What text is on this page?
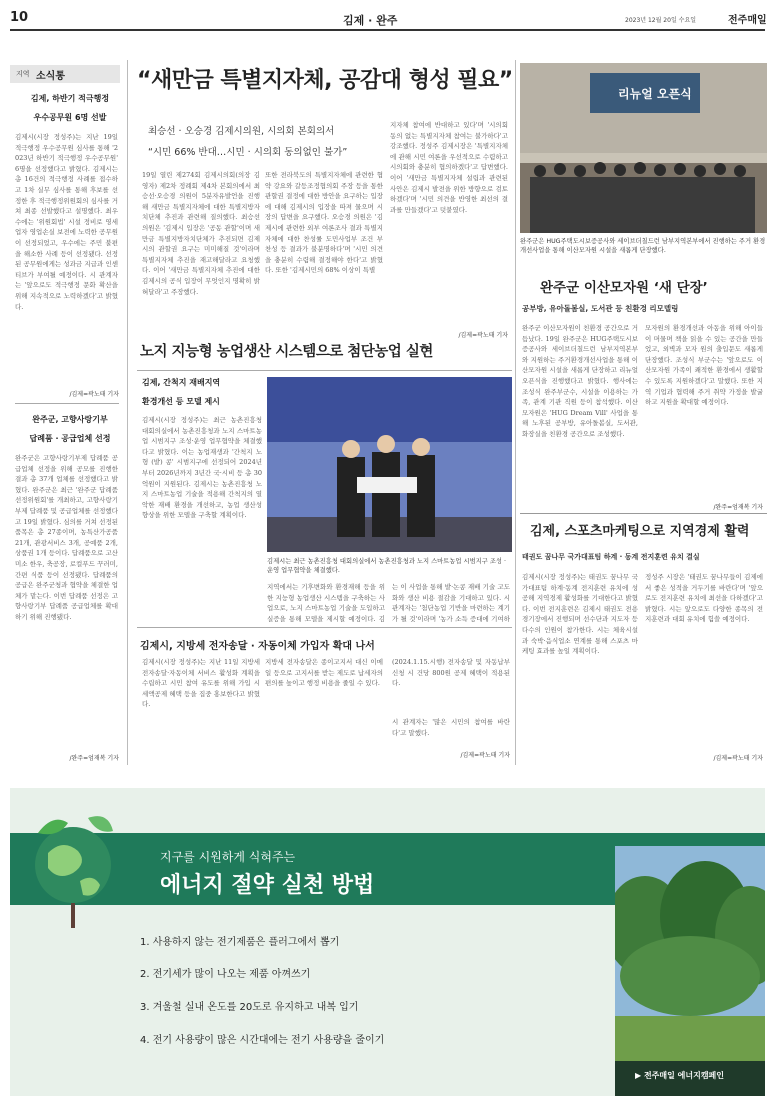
10	김제 · 완주	2023년 12월 20일 수요일	전주매일
지역 소식통
김제, 하반기 적극행정
우수공무원 6명 선발
김제시(시장 정성주)는 지난 19일 적극행정 우수공무원 심사를 통해 '2023년 하반기 적극행정 우수공무원' 6명을 선정했다고 밝혔다. 김제시는 총 16건의 적극행정 사례를 접수하고 1차 실무 심사를 통해 후보를 선정한 후 적극행정위원회의 심사를 거쳐 최종 선발했다고 설명했다. 최우수에는 '위원회법' 시설 정비로 영세업자 영업손실 보전에 노력한 공무원이 선정되었고, 우수에는 주민 불편을 해소한 사례 등이 선정됐다. 선정된 공무원에게는 성과금 지급과 인센티브가 부여될 예정이다. 시 관계자는 '앞으로도 적극행정 문화 확산을 위해 지속적으로 노력하겠다'고 밝혔다.
/김제=곽노태 기자
완주군, 고향사랑기부
답례품 · 공급업체 선정
완주군은 고향사랑기부제 답례품 공급업체 선정을 위해 공모를 진행한 결과 총 37개 업체를 선정했다고 밝혔다. 완주군은 최근 '완주군 답례품 선정위원회'를 개최하고, 고향사랑기부제 답례품 및 공급업체를 선정했다고 19일 밝혔다. 심의를 거쳐 선정된 품목은 총 27종이며, 농특산가공품 21개, 관광서비스 3개, 공예품 2개, 상품권 1개 등이다. 답례품으로 고산미소 한우, 축공장, 로컬푸드 꾸러미, 간편 식품 등이 선정됐다. 답례품의 공급은 완주군청과 협약을 체결한 업체가 맡는다. 이번 답례품 선정은 고향사랑기부 답례품 공급업체를 확대하기 위해 진행됐다.
/완주=엄재복 기자
“새만금 특별지자체, 공감대 형성 필요”
최승선 · 오승경 김제시의원, 시의회 본회의서
“시민 66% 반대…시민 · 시의회 동의없인 불가”
19일 열린 제274회 김제시의회(의장 김영자) 제2차 정례회 제4차 본회의에서 최승선·오승경 의원이 5분자유발언을 진행해 새만금 특별지자체에 대한 특별지방자치단체 추진과 관련해 질의했다. 최승선 의원은 '김제시 입장은 '공동 관할'이며 새만금 특별지방자치단체가 추진되면 김제시의 관할권 요구는 미미해질 것'이라며 특별지자체 추진을 재고해달라고 요청했다. 이어 '새만금 특별지자체 추진에 대한 김제시의 공식 입장이 무엇인지 명확히 밝혀달라'고 주장했다.
또한 전라북도의 특별지자체에 관련한 협약 강요와 갈등조정협의회 주장 등을 통한 관할권 결정에 대한 방안을 요구하는 입장에 대해 김제시의 입장을 따져 물으며 시장의 답변을 요구했다. 오승경 의원은 '김제시에 관련한 외부 여론조사 결과 특별지자체에 대한 찬성률 도민사업부 조건 부 찬성 등 결과가 불분명하다'며 '시민 의견을 충분히 수렴해 결정해야 한다'고 밝혔다. 또한 '김제시민의 68% 이상이 특별
지자체 참여에 반대하고 있다'며 '시의회 동의 없는 특별지자체 참여는 불가하다'고 강조했다. 정성주 김제시장은 '특별지자체에 관해 시민 여론을 우선적으로 수렴하고 시의회와 충분히 협의하겠다'고 답변했다. 이어 '새만금 특별지자체 설립과 관련된 사안은 김제시 발전을 위한 방향으로 검토하겠다'며 '시민 의견을 반영한 최선의 결과를 만들겠다'고 덧붙였다.
/김제=곽노태 기자
리뉴얼 오픈식
완주군은 HUG주택도시보증공사와 세이브더칠드런 남부지역본부에서 진행하는 주거 환경개선사업을 통해 이산모자원 시설을 새롭게 단장했다.
완주군 이산모자원 ‘새 단장’
공부방, 유아돌봄실, 도서관 등 친환경 리모델링
완주군 이산모자원이 친환경 공간으로 거듭났다. 19일 완주군은 HUG주택도시보증공사와 세이브더칠드런 남부지역본부와 지원하는 주거환경개선사업을 통해 이산모자원 시설을 새롭게 단장하고 리뉴얼 오픈식을 진행했다고 밝혔다. 행사에는 조성식 완주부군수, 시설을 이용하는 가족, 관계 기관 직원 등이 참석했다. 이산모자원은 'HUG Dream Vill' 사업을 통해 노후된 공부방, 유아돌봄실, 도서관, 화장실을 친환경 공간으로 조성했다.
모자원의 환경개선과 아동을 위해 아이들이 머물며 책을 읽을 수 있는 공간을 만들었고, 외벽과 모자 원의 출입문도 새롭게 단장했다. 조성식 부군수는 '앞으로도 이산모자원 가족이 쾌적한 환경에서 생활할 수 있도록 지원하겠다'고 말했다. 또한 지역 기업과 협력해 주거 취약 가정을 발굴하고 지원을 확대할 예정이다.
/완주=엄재복 기자
노지 지능형 농업생산 시스템으로 첨단농업 실현
김제, 간척지 재배지역
환경개선 등 모델 제시
김제시(시장 정성주)는 최근 농촌진흥청 대회의실에서 농촌진흥청과 노지 스마트농업 시범지구 조성·운영 업무협약을 체결했다고 밝혔다. 이는 농업재생과 '간척지 노형 (밭) 콩' 시범지구에 선정되어 2024년부터 2026년까지 3년간 국·시비 등 총 30억원이 지원된다. 김제시는 농촌진흥청 노지 스마트농업 기술을 적용해 간척지의 열악한 재배 환경을 개선하고, 농업 생산성 향상을 위한 모델을 구축할 계획이다.
김제시는 최근 농촌진흥청 대회의실에서 농촌진흥청과 노지 스마트농업 시범지구 조성 · 운영 업무협약을 체결했다.
지역에서는 기후변화와 환경재해 등을 위한 지능형 농업생산 시스템을 구축하는 사업으로, 노지 스마트농업 기술을 도입하고 실증을 통해 모델을 제시할 예정이다. 김
는 이 사업을 통해 밭·논콩 재배 기술 고도화와 생산 비용 절감을 기대하고 있다. 시 관계자는 '첨단농업 기반을 마련하는 계기가 될 것'이라며 '농가 소득 증대에 기여하
김제시, 지방세 전자송달 · 자동이체 가입자 확대 나서
김제시(시장 정성주)는 지난 11일 지방세 전자송달·자동이체 서비스 활성화 계획을 수립하고 시민 참여 유도를 위해 가입 시 세액공제 혜택 등을 집중 홍보한다고 밝혔다.
지방세 전자송달은 종이고지서 대신 이메일 등으로 고지서를 받는 제도로 납세자의 편의를 높이고 행정 비용을 줄일 수 있다.
(2024.1.15.시행) 전자송달 및 자동납부 신청 시 건당 800원 공제 혜택이 적용된다.
시 관계자는 '많은 시민의 참여를 바란다'고 말했다.
/김제=곽노태 기자
김제, 스포츠마케팅으로 지역경제 활력
태권도 꿈나무 국가대표팀 하계 · 동계 전지훈련 유치 결실
김제시(시장 정성주)는 태권도 꿈나무 국가대표팀 하계·동계 전지훈련 유치에 성공해 지역경제 활성화를 기대한다고 밝혔다. 이번 전지훈련은 김제시 태권도 전용경기장에서 진행되며 선수단과 지도자 등 다수의 인원이 참가한다. 시는 체육시설과 숙박·음식업소 연계를 통해 스포츠 마케팅 효과를 높일 계획이다.
정성주 시장은 '태권도 꿈나무들이 김제에서 좋은 성적을 거두기를 바란다'며 '앞으로도 전지훈련 유치에 최선을 다하겠다'고 밝혔다. 시는 앞으로도 다양한 종목의 전지훈련과 대회 유치에 힘쓸 예정이다.
/김제=곽노태 기자
지구를 시원하게 식혀주는
에너지 절약 실천 방법
1. 사용하지 않는 전기제품은 플러그에서 뽑기
2. 전기세가 많이 나오는 제품 아껴쓰기
3. 겨울철 실내 온도를 20도로 유지하고 내복 입기
4. 전기 사용량이 많은 시간대에는 전기 사용량을 줄이기
▶ 전주매일 에너지캠페인
